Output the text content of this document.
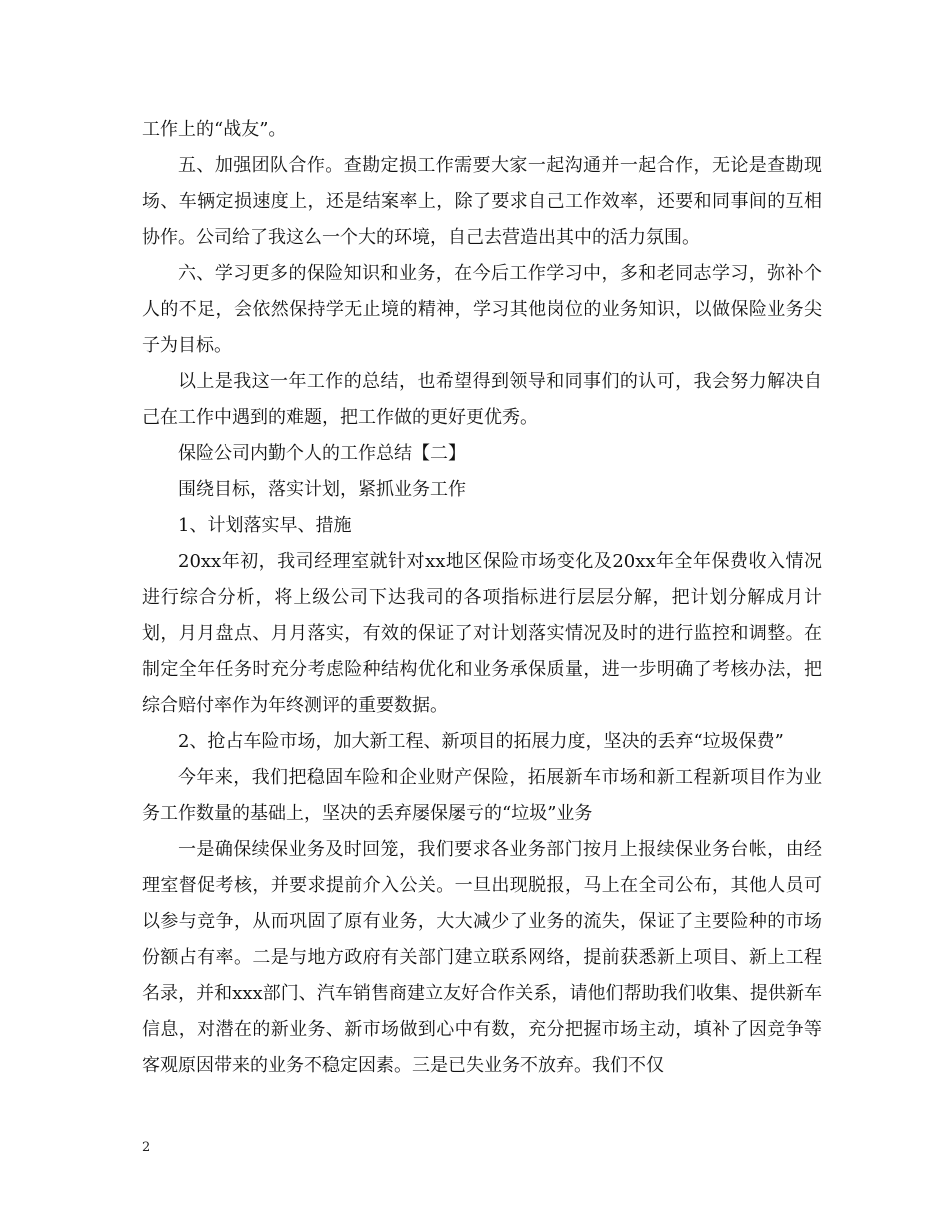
工作上的“战友”。

五、加强团队合作。查勘定损工作需要大家一起沟通并一起合作，无论是查勘现场、车辆定损速度上，还是结案率上，除了要求自己工作效率，还要和同事间的互相协作。公司给了我这么一个大的环境，自己去营造出其中的活力氛围。

六、学习更多的保险知识和业务，在今后工作学习中，多和老同志学习，弥补个人的不足，会依然保持学无止境的精神，学习其他岗位的业务知识，以做保险业务尖子为目标。

以上是我这一年工作的总结，也希望得到领导和同事们的认可，我会努力解决自己在工作中遇到的难题，把工作做的更好更优秀。

保险公司内勤个人的工作总结【二】

围绕目标，落实计划，紧抓业务工作

1、计划落实早、措施

20xx年初，我司经理室就针对xx地区保险市场变化及20xx年全年保费收入情况进行综合分析，将上级公司下达我司的各项指标进行层层分解，把计划分解成月计划，月月盘点、月月落实，有效的保证了对计划落实情况及时的进行监控和调整。在制定全年任务时充分考虑险种结构优化和业务承保质量，进一步明确了考核办法，把综合赔付率作为年终测评的重要数据。

2、抢占车险市场，加大新工程、新项目的拓展力度，坚决的丢弃“垃圾保费”

今年来，我们把稳固车险和企业财产保险，拓展新车市场和新工程新项目作为业务工作数量的基础上，坚决的丢弃屡保屡亏的“垃圾”业务

一是确保续保业务及时回笼，我们要求各业务部门按月上报续保业务台帐，由经理室督促考核，并要求提前介入公关。一旦出现脱报，马上在全司公布，其他人员可以参与竞争，从而巩固了原有业务，大大减少了业务的流失，保证了主要险种的市场份额占有率。二是与地方政府有关部门建立联系网络，提前获悉新上项目、新上工程名录，并和xxx部门、汽车销售商建立友好合作关系，请他们帮助我们收集、提供新车信息，对潜在的新业务、新市场做到心中有数，充分把握市场主动，填补了因竞争等客观原因带来的业务不稳定因素。三是已失业务不放弃。我们不仅

2
